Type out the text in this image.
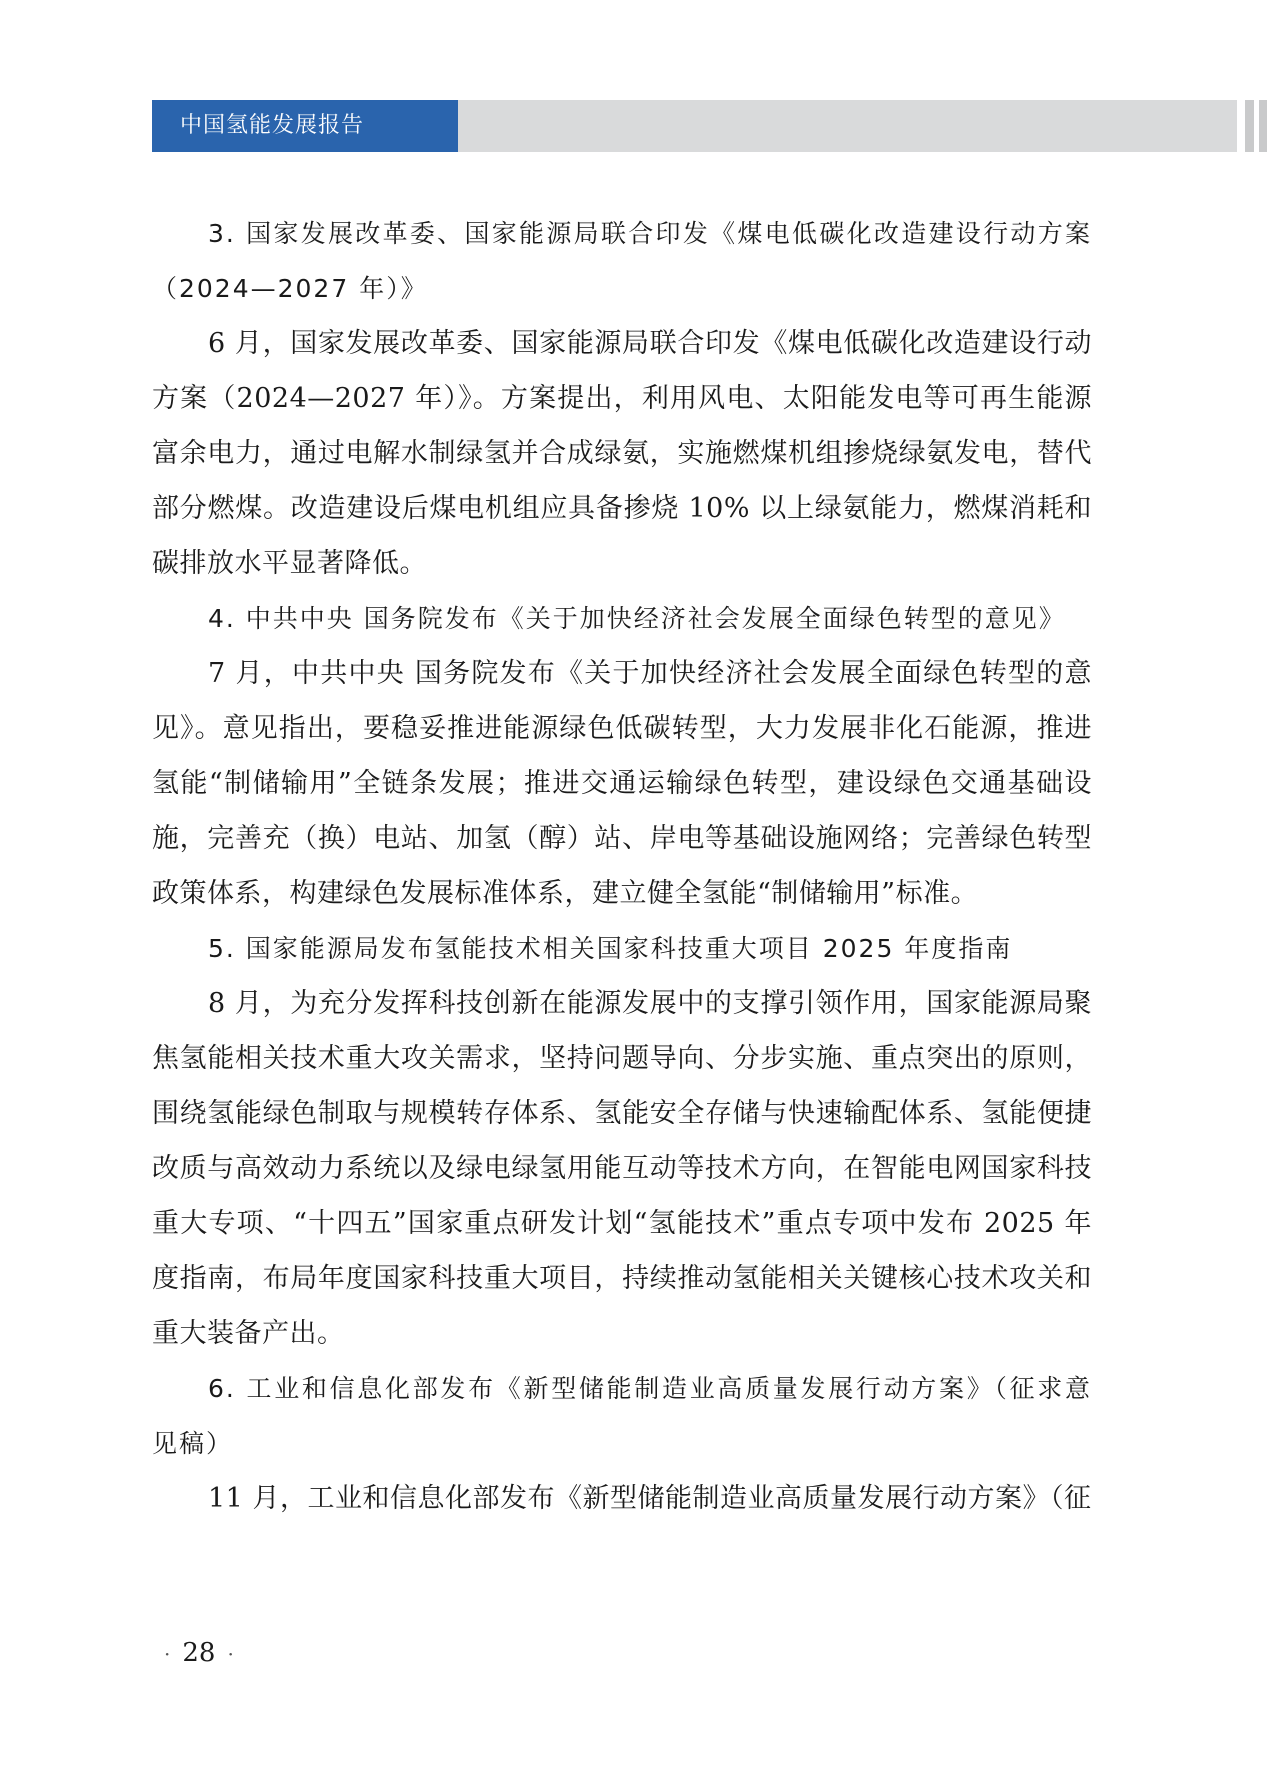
中国氢能发展报告

3. 国家发展改革委、国家能源局联合印发《煤电低碳化改造建设行动方案（2024—2027 年）》

6 月，国家发展改革委、国家能源局联合印发《煤电低碳化改造建设行动方案（2024—2027 年）》。方案提出，利用风电、太阳能发电等可再生能源富余电力，通过电解水制绿氢并合成绿氨，实施燃煤机组掺烧绿氨发电，替代部分燃煤。改造建设后煤电机组应具备掺烧 10% 以上绿氨能力，燃煤消耗和碳排放水平显著降低。

4. 中共中央 国务院发布《关于加快经济社会发展全面绿色转型的意见》

7 月，中共中央 国务院发布《关于加快经济社会发展全面绿色转型的意见》。意见指出，要稳妥推进能源绿色低碳转型，大力发展非化石能源，推进氢能“制储输用”全链条发展；推进交通运输绿色转型，建设绿色交通基础设施，完善充（换）电站、加氢（醇）站、岸电等基础设施网络；完善绿色转型政策体系，构建绿色发展标准体系，建立健全氢能“制储输用”标准。

5. 国家能源局发布氢能技术相关国家科技重大项目 2025 年度指南

8 月，为充分发挥科技创新在能源发展中的支撑引领作用，国家能源局聚焦氢能相关技术重大攻关需求，坚持问题导向、分步实施、重点突出的原则，围绕氢能绿色制取与规模转存体系、氢能安全存储与快速输配体系、氢能便捷改质与高效动力系统以及绿电绿氢用能互动等技术方向，在智能电网国家科技重大专项、“十四五”国家重点研发计划“氢能技术”重点专项中发布 2025 年度指南，布局年度国家科技重大项目，持续推动氢能相关关键核心技术攻关和重大装备产出。

6. 工业和信息化部发布《新型储能制造业高质量发展行动方案》（征求意见稿）

11 月，工业和信息化部发布《新型储能制造业高质量发展行动方案》（征

· 28 ·
